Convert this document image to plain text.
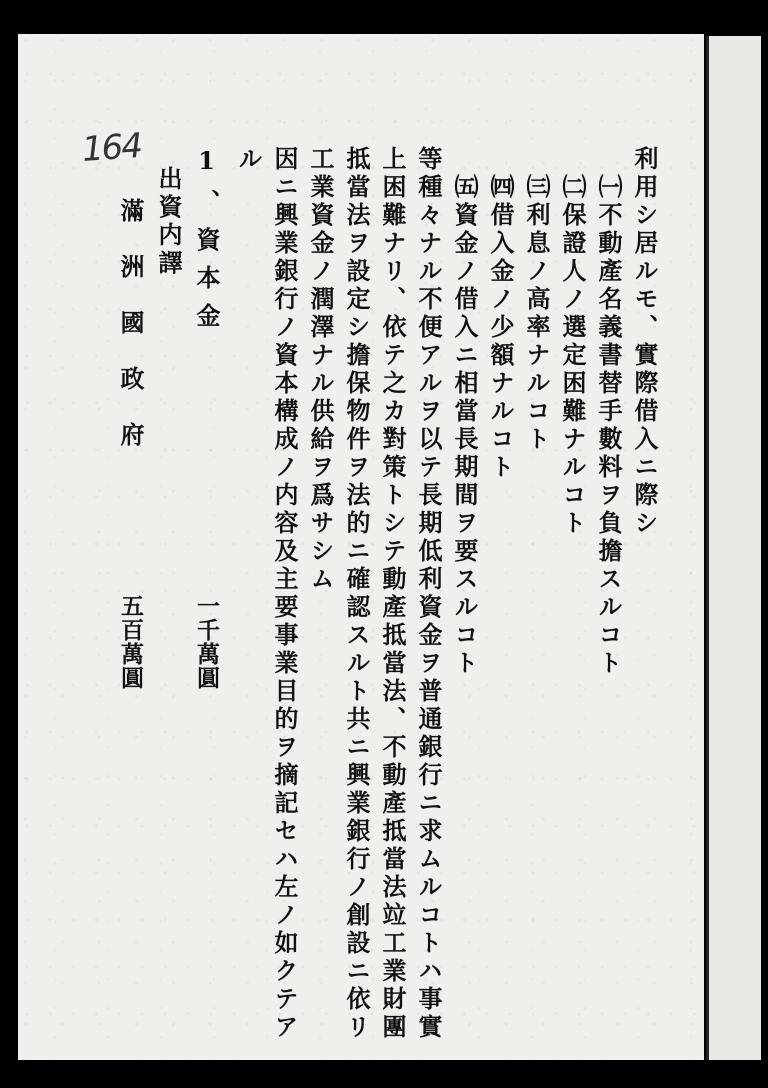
164	利用シ居ルモ、實際借入ニ際シ
㈠不動產名義書替手數料ヲ負擔スルコト
㈡保證人ノ選定困難ナルコト
㈢利息ノ高率ナルコト
㈣借入金ノ少額ナルコト
㈤資金ノ借入ニ相當長期間ヲ要スルコト
等種々ナル不便アルヲ以テ長期低利資金ヲ普通銀行ニ求ムルコトハ事實
上困難ナリ、依テ之カ對策トシテ動產抵當法、不動產抵當法竝工業財團
抵當法ヲ設定シ擔保物件ヲ法的ニ確認スルト共ニ興業銀行ノ創設ニ依リ
工業資金ノ潤澤ナル供給ヲ爲サシム
因ニ興業銀行ノ資本構成ノ内容及主要事業目的ヲ摘記セハ左ノ如クテア
ル
1、資本金
出資内譯
滿洲國政府
一千萬圓
五百萬圓
